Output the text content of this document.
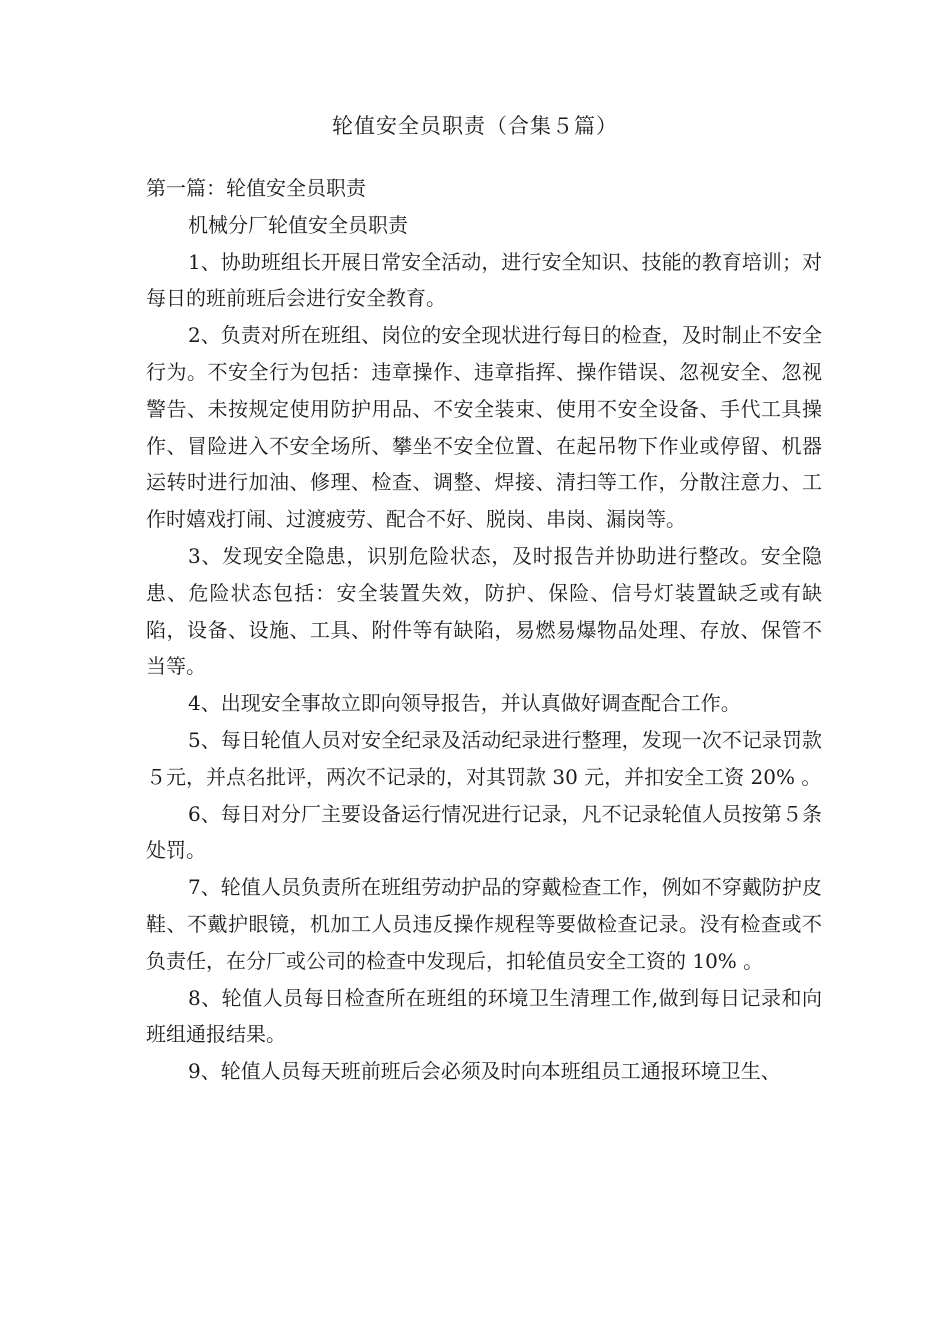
轮值安全员职责（合集５篇）

第一篇：轮值安全员职责

机械分厂轮值安全员职责

1、协助班组长开展日常安全活动，进行安全知识、技能的教育培训；对每日的班前班后会进行安全教育。

2、负责对所在班组、岗位的安全现状进行每日的检查，及时制止不安全行为。不安全行为包括：违章操作、违章指挥、操作错误、忽视安全、忽视警告、未按规定使用防护用品、不安全装束、使用不安全设备、手代工具操作、冒险进入不安全场所、攀坐不安全位置、在起吊物下作业或停留、机器运转时进行加油、修理、检查、调整、焊接、清扫等工作，分散注意力、工作时嬉戏打闹、过渡疲劳、配合不好、脱岗、串岗、漏岗等。

3、发现安全隐患，识别危险状态，及时报告并协助进行整改。安全隐患、危险状态包括：安全装置失效，防护、保险、信号灯装置缺乏或有缺陷，设备、设施、工具、附件等有缺陷，易燃易爆物品处理、存放、保管不当等。

4、出现安全事故立即向领导报告，并认真做好调查配合工作。

5、每日轮值人员对安全纪录及活动纪录进行整理，发现一次不记录罚款５元，并点名批评，两次不记录的，对其罚款 30 元，并扣安全工资 20% 。

6、每日对分厂主要设备运行情况进行记录，凡不记录轮值人员按第５条处罚。

7、轮值人员负责所在班组劳动护品的穿戴检查工作，例如不穿戴防护皮鞋、不戴护眼镜，机加工人员违反操作规程等要做检查记录。没有检查或不负责任，在分厂或公司的检查中发现后，扣轮值员安全工资的 10% 。

8、轮值人员每日检查所在班组的环境卫生清理工作,做到每日记录和向班组通报结果。

9、轮值人员每天班前班后会必须及时向本班组员工通报环境卫生、
